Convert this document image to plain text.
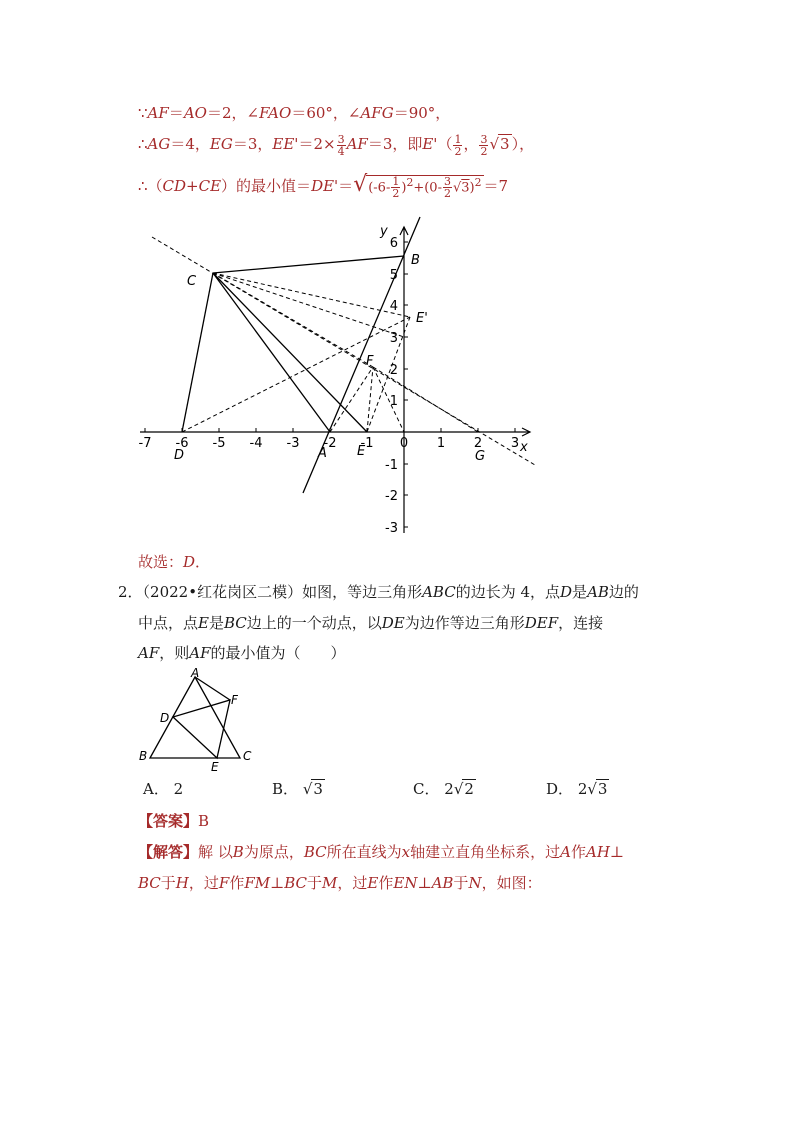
∵AF＝AO＝2，∠FAO＝60°，∠AFG＝90°，
∴AG＝4，EG＝3，$EE'=2\times \frac{3}{4} AF=3$，即$E'( \frac{1}{2}$ ， $\frac{3}{2} √3$ ），
∴（CD+CE）的最小值$=DE'=√(-6- \frac{1}{2} )^2+(0- \frac{3}{2} √3)^2 =7$
-7 -6 -5 -4 -3 -2 -1 0 1 2 3
6
5
4
3
2
1
-1
-2
-3
x
y
B
C
D	A E	G
F
E'
故选：D．
2．（2022•红花岗区二模）如图，等边三角形ABC的边长为 4，点D是AB边的
中点，点E是BC边上的一个动点，以DE为边作等边三角形DEF，连接
AF，则AF的最小值为（　　）
A
B	C
D
E
F
A． 2	B． √3	C． 2√2	D． 2√3
【答案】B
【解答】解 以B为原点，BC所在直线为x轴建立直角坐标系，过A作AH⊥
BC于H，过F作FM⊥BC于M，过E作EN⊥AB于N，如图：
